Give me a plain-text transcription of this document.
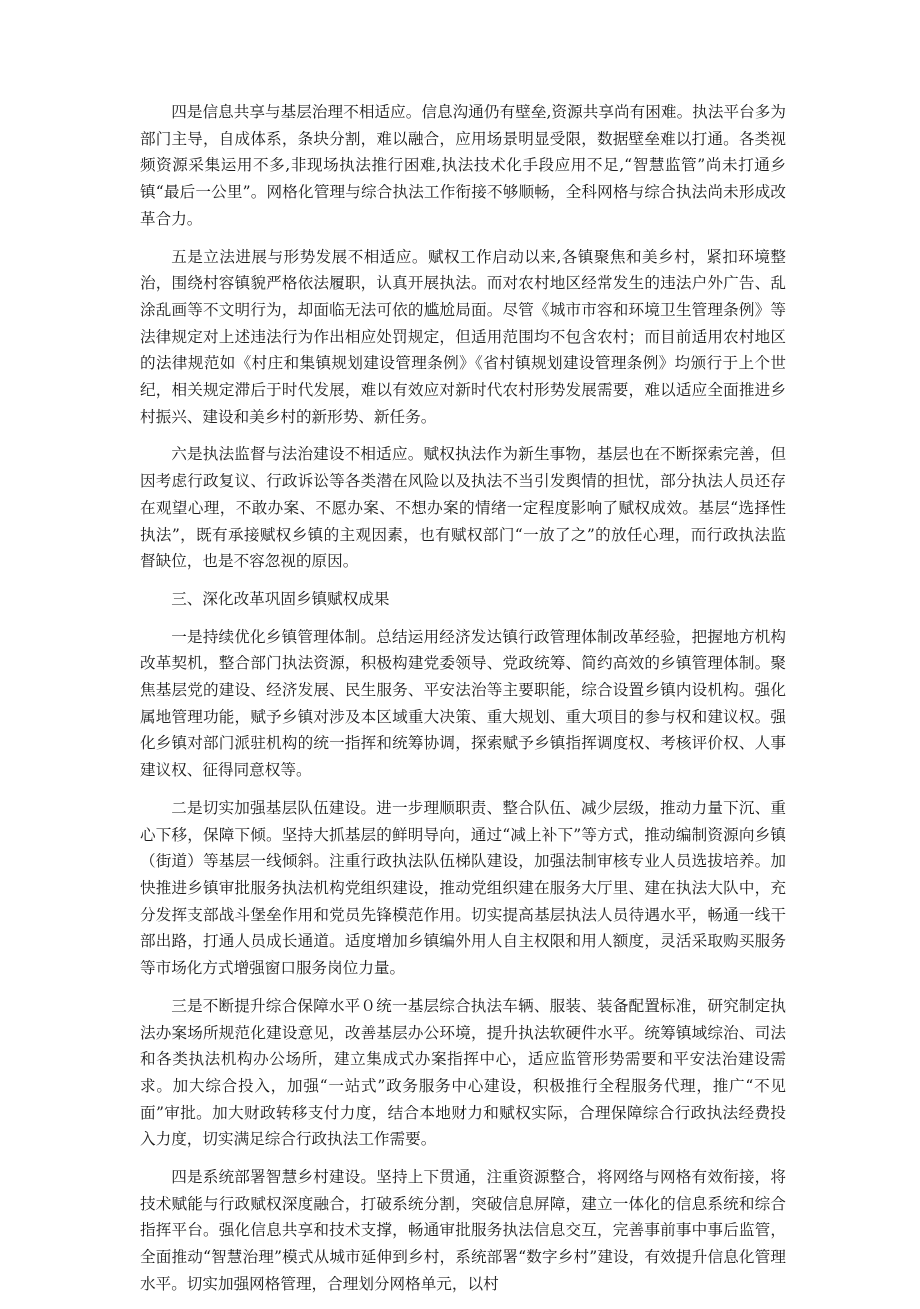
四是信息共享与基层治理不相适应。信息沟通仍有壁垒,资源共享尚有困难。执法平台多为部门主导，自成体系，条块分割，难以融合，应用场景明显受限，数据壁垒难以打通。各类视频资源采集运用不多,非现场执法推行困难,执法技术化手段应用不足,“智慧监管”尚未打通乡镇“最后一公里”。网格化管理与综合执法工作衔接不够顺畅，全科网格与综合执法尚未形成改革合力。

五是立法进展与形势发展不相适应。赋权工作启动以来,各镇聚焦和美乡村，紧扣环境整治，围绕村容镇貌严格依法履职，认真开展执法。而对农村地区经常发生的违法户外广告、乱涂乱画等不文明行为，却面临无法可依的尴尬局面。尽管《城市市容和环境卫生管理条例》等法律规定对上述违法行为作出相应处罚规定，但适用范围均不包含农村；而目前适用农村地区的法律规范如《村庄和集镇规划建设管理条例》《省村镇规划建设管理条例》均颁行于上个世纪，相关规定滞后于时代发展，难以有效应对新时代农村形势发展需要，难以适应全面推进乡村振兴、建设和美乡村的新形势、新任务。

六是执法监督与法治建设不相适应。赋权执法作为新生事物，基层也在不断探索完善，但因考虑行政复议、行政诉讼等各类潜在风险以及执法不当引发舆情的担忧，部分执法人员还存在观望心理，不敢办案、不愿办案、不想办案的情绪一定程度影响了赋权成效。基层“选择性执法”，既有承接赋权乡镇的主观因素，也有赋权部门“一放了之”的放任心理，而行政执法监督缺位，也是不容忽视的原因。

三、深化改革巩固乡镇赋权成果

一是持续优化乡镇管理体制。总结运用经济发达镇行政管理体制改革经验，把握地方机构改革契机，整合部门执法资源，积极构建党委领导、党政统筹、简约高效的乡镇管理体制。聚焦基层党的建设、经济发展、民生服务、平安法治等主要职能，综合设置乡镇内设机构。强化属地管理功能，赋予乡镇对涉及本区域重大决策、重大规划、重大项目的参与权和建议权。强化乡镇对部门派驻机构的统一指挥和统筹协调，探索赋予乡镇指挥调度权、考核评价权、人事建议权、征得同意权等。

二是切实加强基层队伍建设。进一步理顺职责、整合队伍、减少层级，推动力量下沉、重心下移，保障下倾。坚持大抓基层的鲜明导向，通过“减上补下”等方式，推动编制资源向乡镇（街道）等基层一线倾斜。注重行政执法队伍梯队建设，加强法制审核专业人员选拔培养。加快推进乡镇审批服务执法机构党组织建设，推动党组织建在服务大厅里、建在执法大队中，充分发挥支部战斗堡垒作用和党员先锋模范作用。切实提高基层执法人员待遇水平，畅通一线干部出路，打通人员成长通道。适度增加乡镇编外用人自主权限和用人额度，灵活采取购买服务等市场化方式增强窗口服务岗位力量。

三是不断提升综合保障水平０统一基层综合执法车辆、服装、装备配置标准，研究制定执法办案场所规范化建设意见，改善基层办公环境，提升执法软硬件水平。统筹镇域综治、司法和各类执法机构办公场所，建立集成式办案指挥中心，适应监管形势需要和平安法治建设需求。加大综合投入，加强“一站式”政务服务中心建设，积极推行全程服务代理，推广“不见面”审批。加大财政转移支付力度，结合本地财力和赋权实际，合理保障综合行政执法经费投入力度，切实满足综合行政执法工作需要。

四是系统部署智慧乡村建设。坚持上下贯通，注重资源整合，将网络与网格有效衔接，将技术赋能与行政赋权深度融合，打破系统分割，突破信息屏障，建立一体化的信息系统和综合指挥平台。强化信息共享和技术支撑，畅通审批服务执法信息交互，完善事前事中事后监管，全面推动“智慧治理”模式从城市延伸到乡村，系统部署“数字乡村”建设，有效提升信息化管理水平。切实加强网格管理，合理划分网格单元，以村
